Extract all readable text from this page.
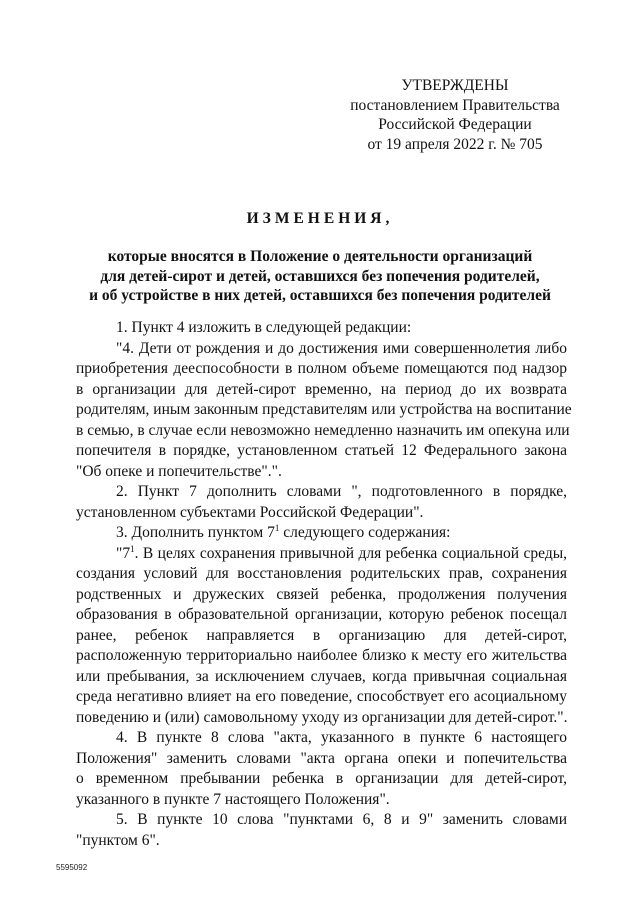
УТВЕРЖДЕНЫ
постановлением Правительства
Российской Федерации
от 19 апреля 2022 г. № 705
ИЗМЕНЕНИЯ,
которые вносятся в Положение о деятельности организаций
для детей-сирот и детей, оставшихся без попечения родителей,
и об устройстве в них детей, оставшихся без попечения родителей
1. Пункт 4 изложить в следующей редакции:
"4. Дети от рождения и до достижения ими совершеннолетия либо
приобретения дееспособности в полном объеме помещаются под надзор
в организации для детей-сирот временно, на период до их возврата
родителям, иным законным представителям или устройства на воспитание
в семью, в случае если невозможно немедленно назначить им опекуна или
попечителя в порядке, установленном статьей 12 Федерального закона
"Об опеке и попечительстве".".
2. Пункт 7 дополнить словами ", подготовленного в порядке,
установленном субъектами Российской Федерации".
3. Дополнить пунктом $7^1$ следующего содержания:
"$7^1$. В целях сохранения привычной для ребенка социальной среды,
создания условий для восстановления родительских прав, сохранения
родственных и дружеских связей ребенка, продолжения получения
образования в образовательной организации, которую ребенок посещал
ранее, ребенок направляется в организацию для детей-сирот,
расположенную территориально наиболее близко к месту его жительства
или пребывания, за исключением случаев, когда привычная социальная
среда негативно влияет на его поведение, способствует его асоциальному
поведению и (или) самовольному уходу из организации для детей-сирот.".
4. В пункте 8 слова "акта, указанного в пункте 6 настоящего
Положения" заменить словами "акта органа опеки и попечительства
о временном пребывании ребенка в организации для детей-сирот,
указанного в пункте 7 настоящего Положения".
5. В пункте 10 слова "пунктами 6, 8 и 9" заменить словами
"пунктом 6".
5595092
